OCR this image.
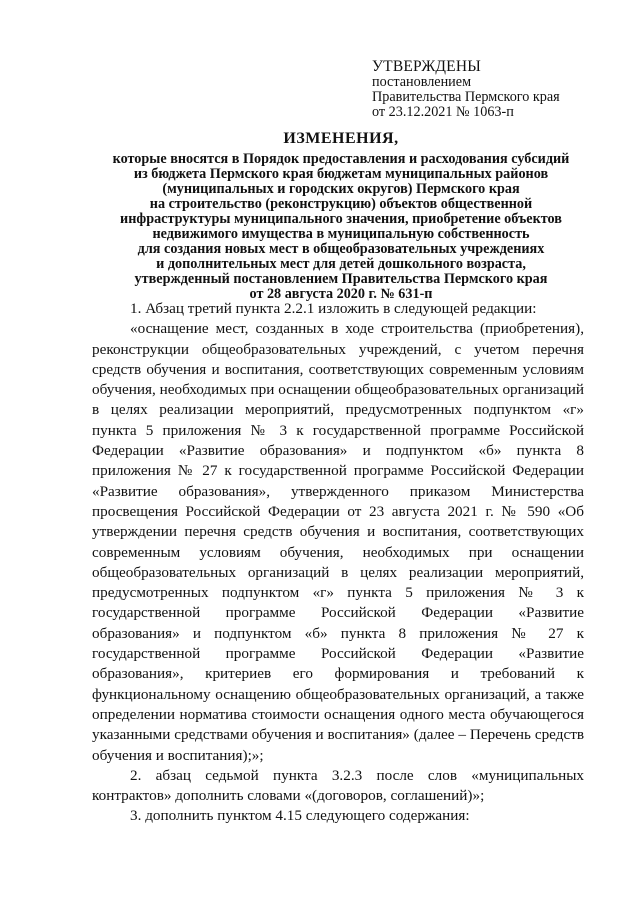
УТВЕРЖДЕНЫ
постановлением
Правительства Пермского края
от 23.12.2021 № 1063-п
ИЗМЕНЕНИЯ,
которые вносятся в Порядок предоставления и расходования субсидий
из бюджета Пермского края бюджетам муниципальных районов
(муниципальных и городских округов) Пермского края
на строительство (реконструкцию) объектов общественной
инфраструктуры муниципального значения, приобретение объектов
недвижимого имущества в муниципальную собственность
для создания новых мест в общеобразовательных учреждениях
и дополнительных мест для детей дошкольного возраста,
утвержденный постановлением Правительства Пермского края
от 28 августа 2020 г. № 631-п

1. Абзац третий пункта 2.2.1 изложить в следующей редакции:

«оснащение мест, созданных в ходе строительства (приобретения), реконструкции общеобразовательных учреждений, с учетом перечня средств обучения и воспитания, соответствующих современным условиям обучения, необходимых при оснащении общеобразовательных организаций в целях реализации мероприятий, предусмотренных подпунктом «г» пункта 5 приложения № 3 к государственной программе Российской Федерации «Развитие образования» и подпунктом «б» пункта 8 приложения № 27 к государственной программе Российской Федерации «Развитие образования», утвержденного приказом Министерства просвещения Российской Федерации от 23 августа 2021 г. № 590 «Об утверждении перечня средств обучения и воспитания, соответствующих современным условиям обучения, необходимых при оснащении общеобразовательных организаций в целях реализации мероприятий, предусмотренных подпунктом «г» пункта 5 приложения № 3 к государственной программе Российской Федерации «Развитие образования» и подпунктом «б» пункта 8 приложения № 27 к государственной программе Российской Федерации «Развитие образования», критериев его формирования и требований к функциональному оснащению общеобразовательных организаций, а также определении норматива стоимости оснащения одного места обучающегося указанными средствами обучения и воспитания» (далее – Перечень средств обучения и воспитания);»;

2. абзац седьмой пункта 3.2.3 после слов «муниципальных контрактов» дополнить словами «(договоров, соглашений)»;

3. дополнить пунктом 4.15 следующего содержания:
